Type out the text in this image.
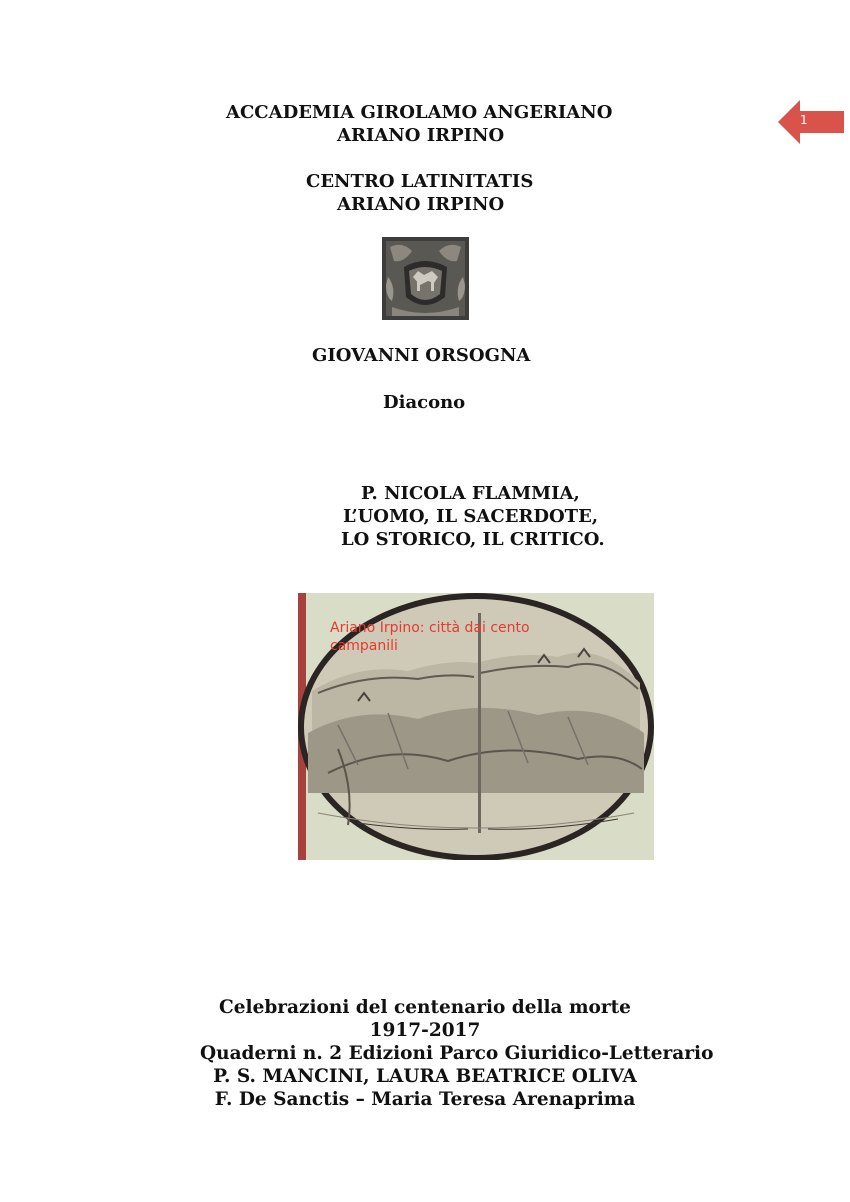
ACCADEMIA GIROLAMO ANGERIANO
ARIANO IRPINO
CENTRO LATINITATIS
ARIANO IRPINO
1
GIOVANNI ORSOGNA
Diacono
P. NICOLA FLAMMIA,
L’UOMO, IL SACERDOTE,
LO STORICO, IL CRITICO.
Ariano Irpino: città dai cento
campanili
Celebrazioni del centenario della morte
1917-2017
Quaderni n. 2 Edizioni Parco Giuridico-Letterario
P. S. MANCINI, LAURA BEATRICE OLIVA
F. De Sanctis – Maria Teresa Arenaprima
